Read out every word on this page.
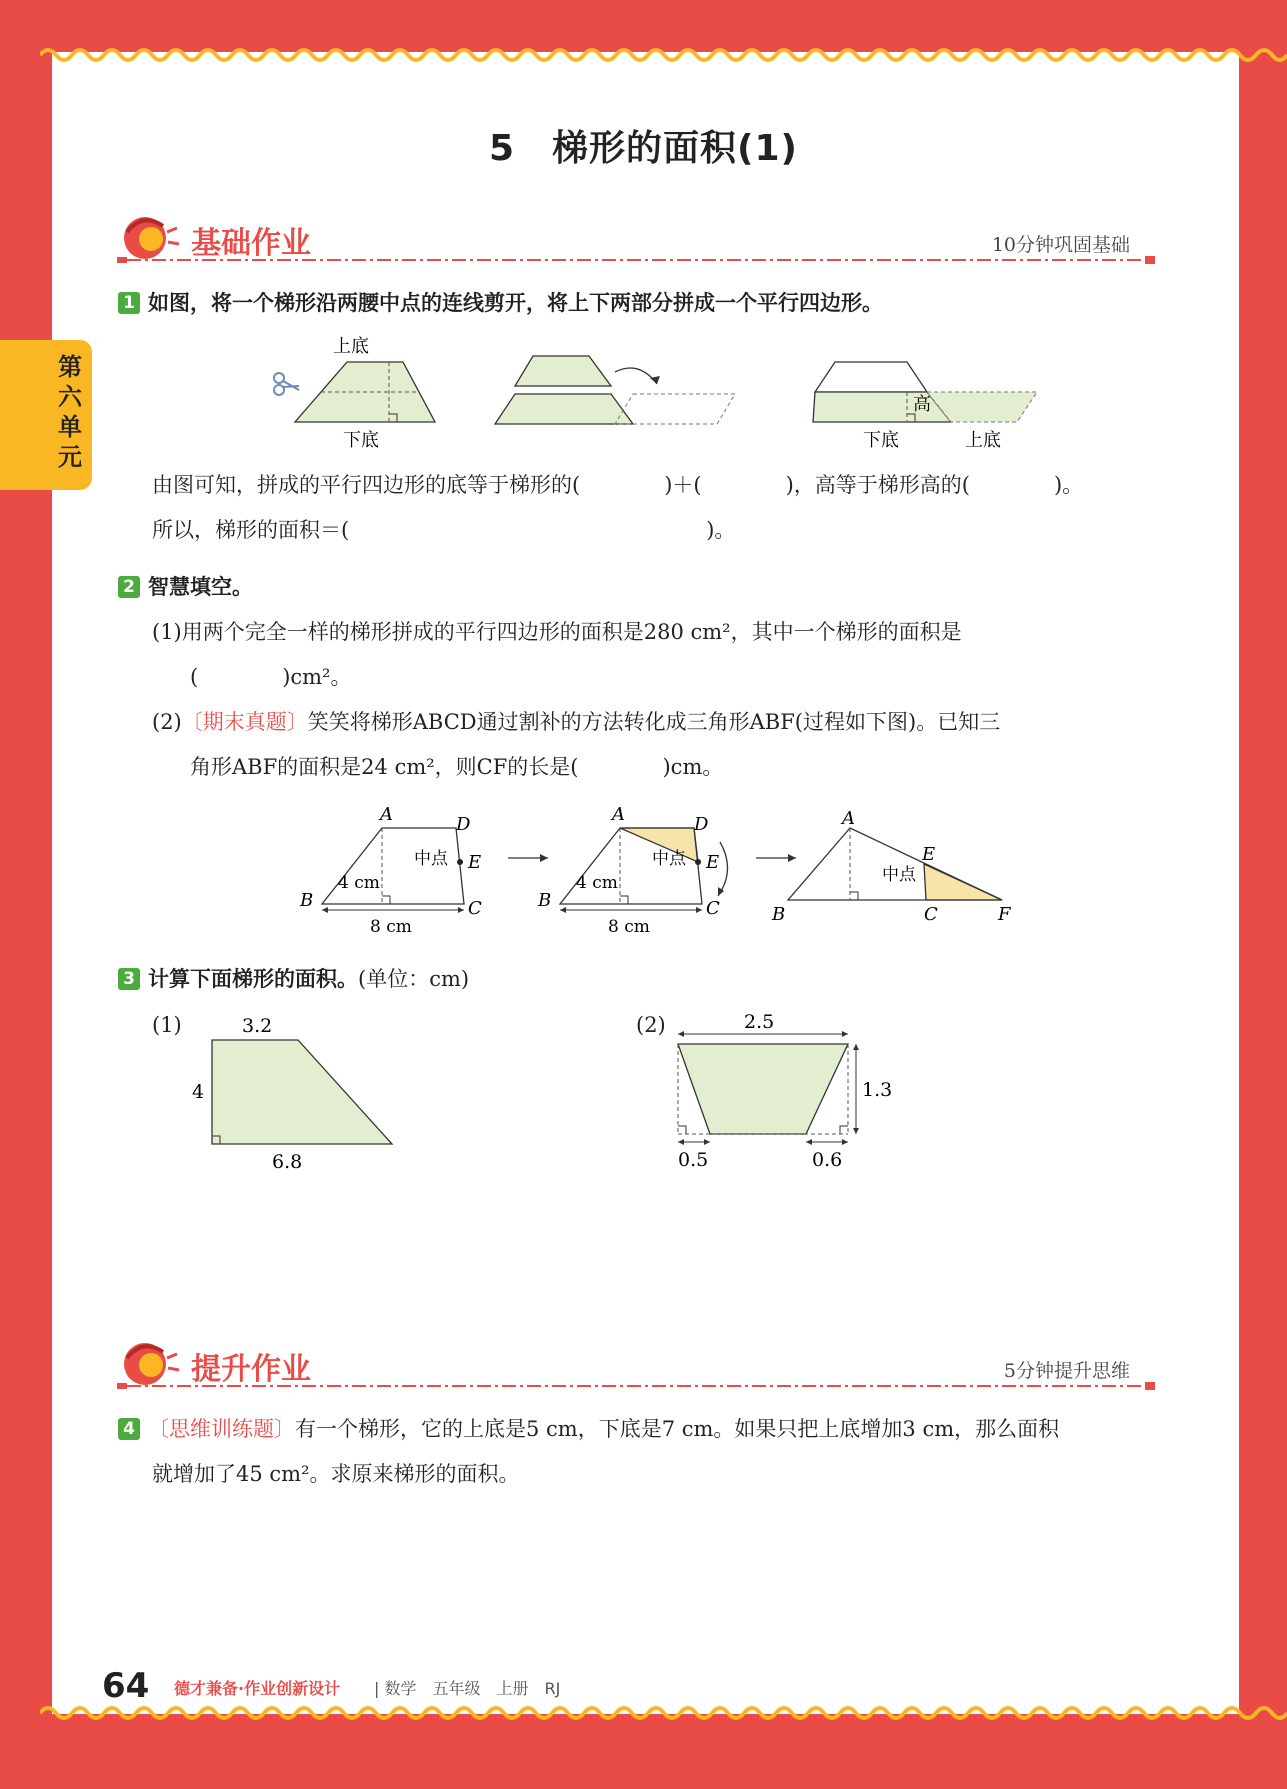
第六单元
5　梯形的面积(1)
基础作业	10分钟巩固基础
1 如图，将一个梯形沿两腰中点的连线剪开，将上下两部分拼成一个平行四边形。
上底
下底
高
下底	上底
由图可知，拼成的平行四边形的底等于梯形的(　　　　)＋(　　　　)，高等于梯形高的(　　　　)。
所以，梯形的面积＝(　　　　　　　　　　　　　　　　　)。
2 智慧填空。
(1)用两个完全一样的梯形拼成的平行四边形的面积是280 cm²，其中一个梯形的面积是
(　　　　)cm²。
(2)〔期末真题〕笑笑将梯形ABCD通过割补的方法转化成三角形ABF(过程如下图)。已知三
角形ABF的面积是24 cm²，则CF的长是(　　　　)cm。
A	D
E
中点
B	C
4 cm
8 cm
A	D
E
中点
B	C
4 cm
8 cm
A
E
中点
B	C	F
3 计算下面梯形的面积。(单位：cm)
(1)	3.2
4
6.8
(2)	2.5
1.3
0.5	0.6
提升作业	5分钟提升思维
4 〔思维训练题〕有一个梯形，它的上底是5 cm，下底是7 cm。如果只把上底增加3 cm，那么面积
就增加了45 cm²。求原来梯形的面积。
64 德才兼备·作业创新设计 | 数学　五年级　上册　RJ
